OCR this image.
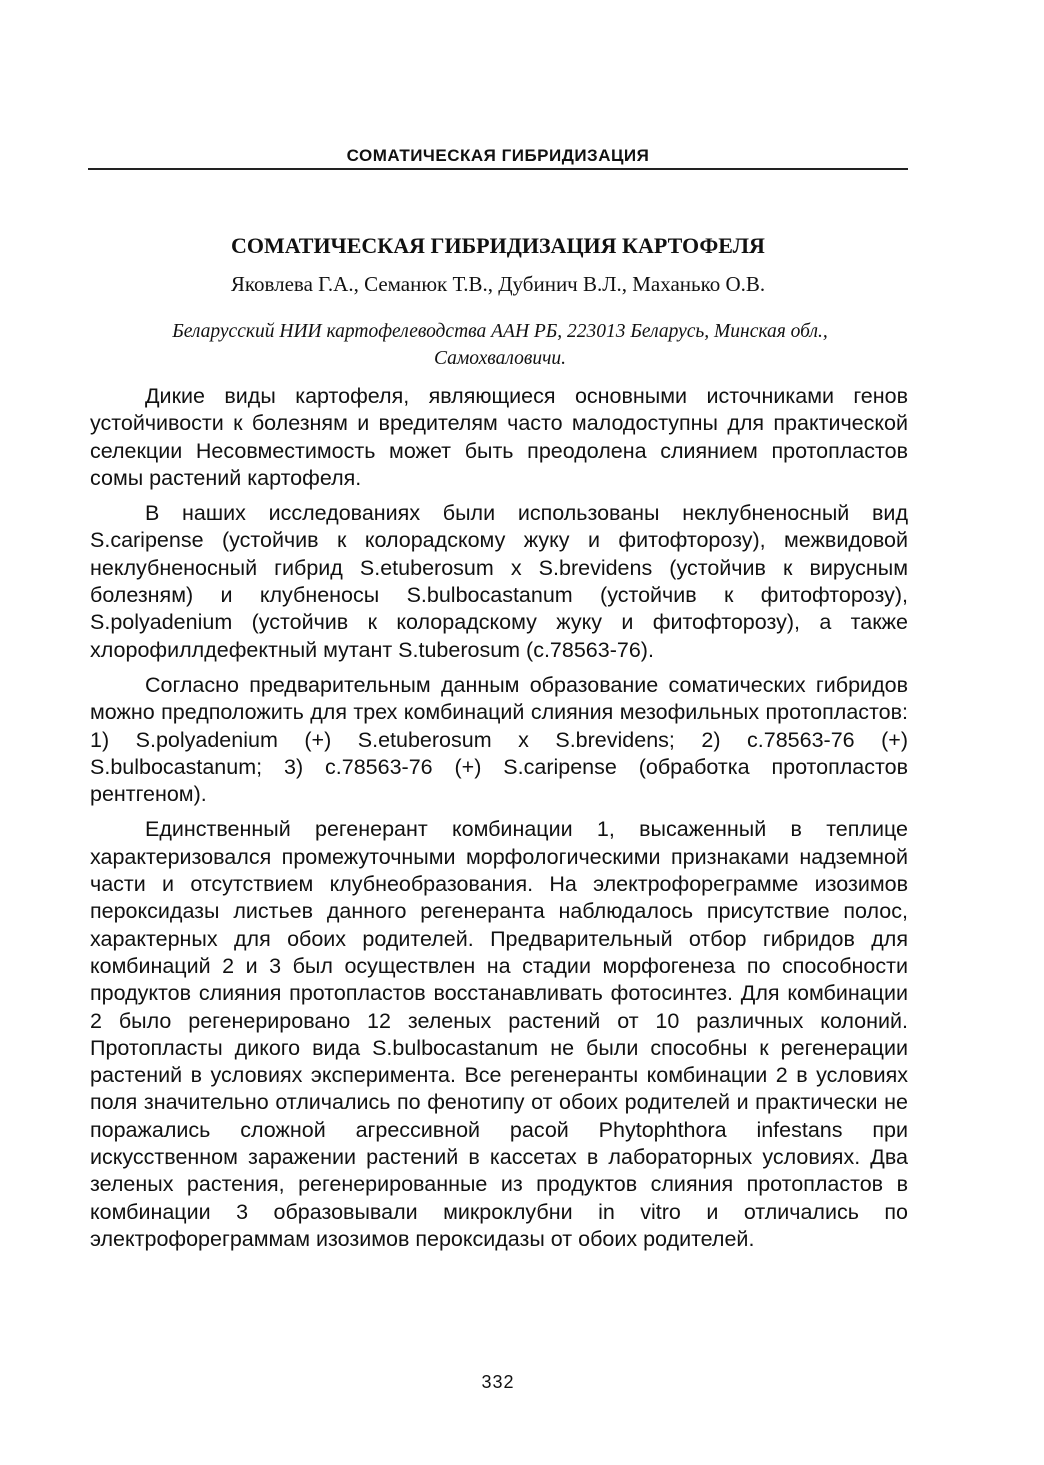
СОМАТИЧЕСКАЯ ГИБРИДИЗАЦИЯ
СОМАТИЧЕСКАЯ ГИБРИДИЗАЦИЯ КАРТОФЕЛЯ
Яковлева Г.А., Семанюк Т.В., Дубинич В.Л., Маханько О.В.
Беларусский НИИ картофелеводства ААН РБ, 223013 Беларусь, Минская обл.,
Самохваловичи.

Дикие виды картофеля, являющиеся основными источниками генов устойчивости к болезням и вредителям часто малодоступны для практической селекции Несовместимость может быть преодолена слиянием протопластов сомы растений картофеля.

В наших исследованиях были использованы неклубненосный вид S.caripense (устойчив к колорадскому жуку и фитофторозу), межвидовой неклубненосный гибрид S.etuberosum x S.brevidens (устойчив к вирусным болезням) и клубненосы S.bulbocastanum (устойчив к фитофторозу), S.polyadenium (устойчив к колорадскому жуку и фитофторозу), а также хлорофиллдефектный мутант S.tuberosum (с.78563-76).

Согласно предварительным данным образование соматических гибридов можно предположить для трех комбинаций слияния мезофильных протопластов: 1) S.polyadenium (+) S.etuberosum x S.brevidens; 2) с.78563-76 (+) S.bulbocastanum; 3) с.78563-76 (+) S.caripense (обработка протопластов рентгеном).

Единственный регенерант комбинации 1, высаженный в теплице характеризовался промежуточными морфологическими признаками надземной части и отсутствием клубнеобразования. На электрофореграмме изозимов пероксидазы листьев данного регенеранта наблюдалось присутствие полос, характерных для обоих родителей. Предварительный отбор гибридов для комбинаций 2 и 3 был осуществлен на стадии морфогенеза по способности продуктов слияния протопластов восстанавливать фотосинтез. Для комбинации 2 было регенерировано 12 зеленых растений от 10 различных колоний. Протопласты дикого вида S.bulbocastanum не были способны к регенерации растений в условиях эксперимента. Все регенеранты комбинации 2 в условиях поля значительно отличались по фенотипу от обоих родителей и практически не поражались сложной агрессивной расой Phytophthora infestans при искусственном заражении растений в кассетах в лабораторных условиях. Два зеленых растения, регенерированные из продуктов слияния протопластов в комбинации 3 образовывали микроклубни in vitro и отличались по электрофореграммам изозимов пероксидазы от обоих родителей.

332
